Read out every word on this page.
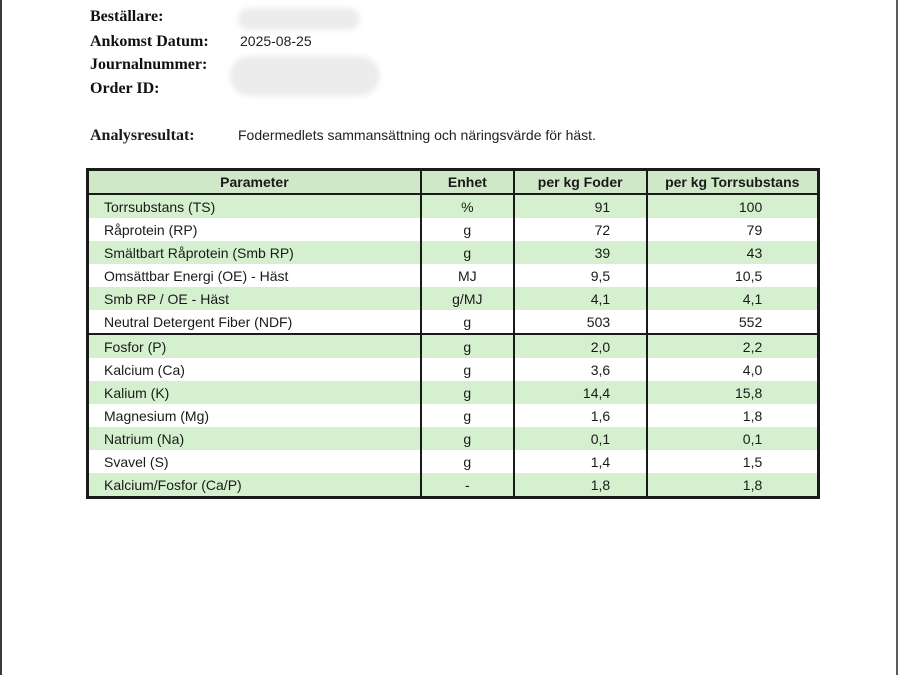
Beställare:
Ankomst Datum: 2025-08-25
Journalnummer:
Order ID:
Analysresultat:	Fodermedlets sammansättning och näringsvärde för häst.
Parameter	Enhet	per kg Foder	per kg Torrsubstans
Torrsubstans (TS)	%	91	100
Råprotein (RP)	g	72	79
Smältbart Råprotein (Smb RP)	g	39	43
Omsättbar Energi (OE) - Häst	MJ	9,5	10,5
Smb RP / OE - Häst	g/MJ	4,1	4,1
Neutral Detergent Fiber (NDF)	g	503	552
Fosfor (P)	g	2,0	2,2
Kalcium (Ca)	g	3,6	4,0
Kalium (K)	g	14,4	15,8
Magnesium (Mg)	g	1,6	1,8
Natrium (Na)	g	0,1	0,1
Svavel (S)	g	1,4	1,5
Kalcium/Fosfor (Ca/P)	-	1,8	1,8
